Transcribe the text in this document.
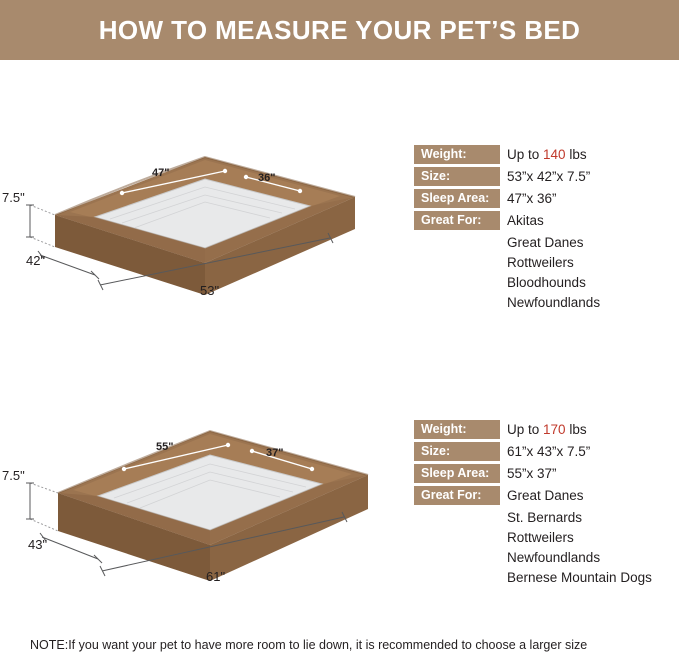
HOW TO MEASURE YOUR PET’S BED
7.5"
42"
53"
47"	36"
Weight:	Up to 140 lbs
Size:	53”x 42”x 7.5”
Sleep Area:	47”x 36”
Great For:	Akitas
Great Danes
Rottweilers
Bloodhounds
Newfoundlands
7.5"
43"
61"
55"	37"
Weight:	Up to 170 lbs
Size:	61”x 43”x 7.5”
Sleep Area:	55”x 37”
Great For:	Great Danes
St. Bernards
Rottweilers
Newfoundlands
Bernese Mountain Dogs
NOTE:If you want your pet to have more room to lie down, it is recommended to choose a larger size
